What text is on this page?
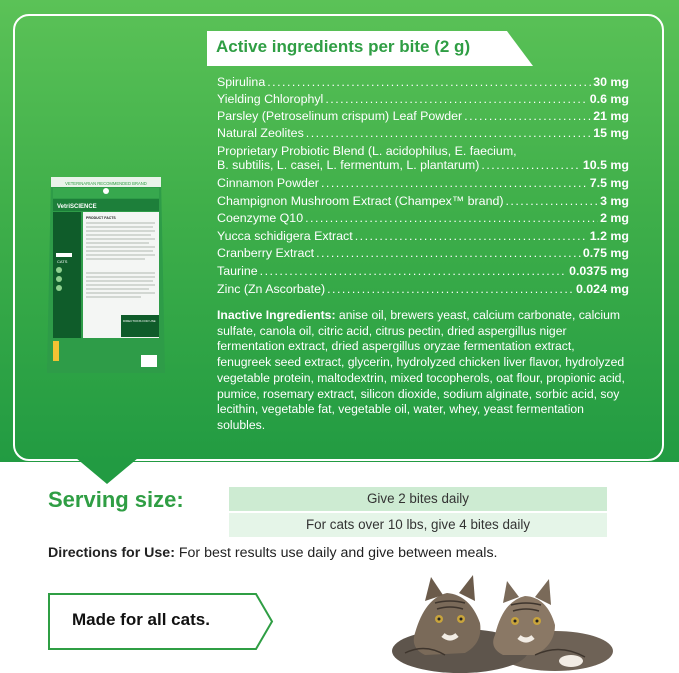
Active ingredients per bite (2 g)
Spirulina .....	30 mg
Yielding Chlorophyl .....	0.6 mg
Parsley (Petroselinum crispum) Leaf Powder .....	21 mg
Natural Zeolites .....	15 mg
Proprietary Probiotic Blend (L. acidophilus, E. faecium,
B. subtilis, L. casei, L. fermentum, L. plantarum) .....	10.5 mg
Cinnamon Powder .....	7.5 mg
Champignon Mushroom Extract (Champex™ brand) .....	3 mg
Coenzyme Q10 .....	2 mg
Yucca schidigera Extract .....	1.2 mg
Cranberry Extract .....	0.75 mg
Taurine .....	0.0375 mg
Zinc (Zn Ascorbate) .....	0.024 mg
Inactive Ingredients: anise oil, brewers yeast, calcium carbonate, calcium sulfate, canola oil, citric acid, citrus pectin, dried aspergillus niger fermentation extract, dried aspergillus oryzae fermentation extract, fenugreek seed extract, glycerin, hydrolyzed chicken liver flavor, hydrolyzed vegetable protein, maltodextrin, mixed tocopherols, oat flour, propionic acid, pumice, rosemary extract, silicon dioxide, sodium alginate, sorbic acid, soy lecithin, vegetable fat, vegetable oil, water, whey, yeast fermentation solubles.
VETERINARIAN RECOMMENDED BRAND
VetriSCIENCE
CATS
PRODUCT FACTS
DIRECTIONS FOR USE
Serving size:	Give 2 bites daily
For cats over 10 lbs, give 4 bites daily
Directions for Use: For best results use daily and give between meals.
Made for all cats.
